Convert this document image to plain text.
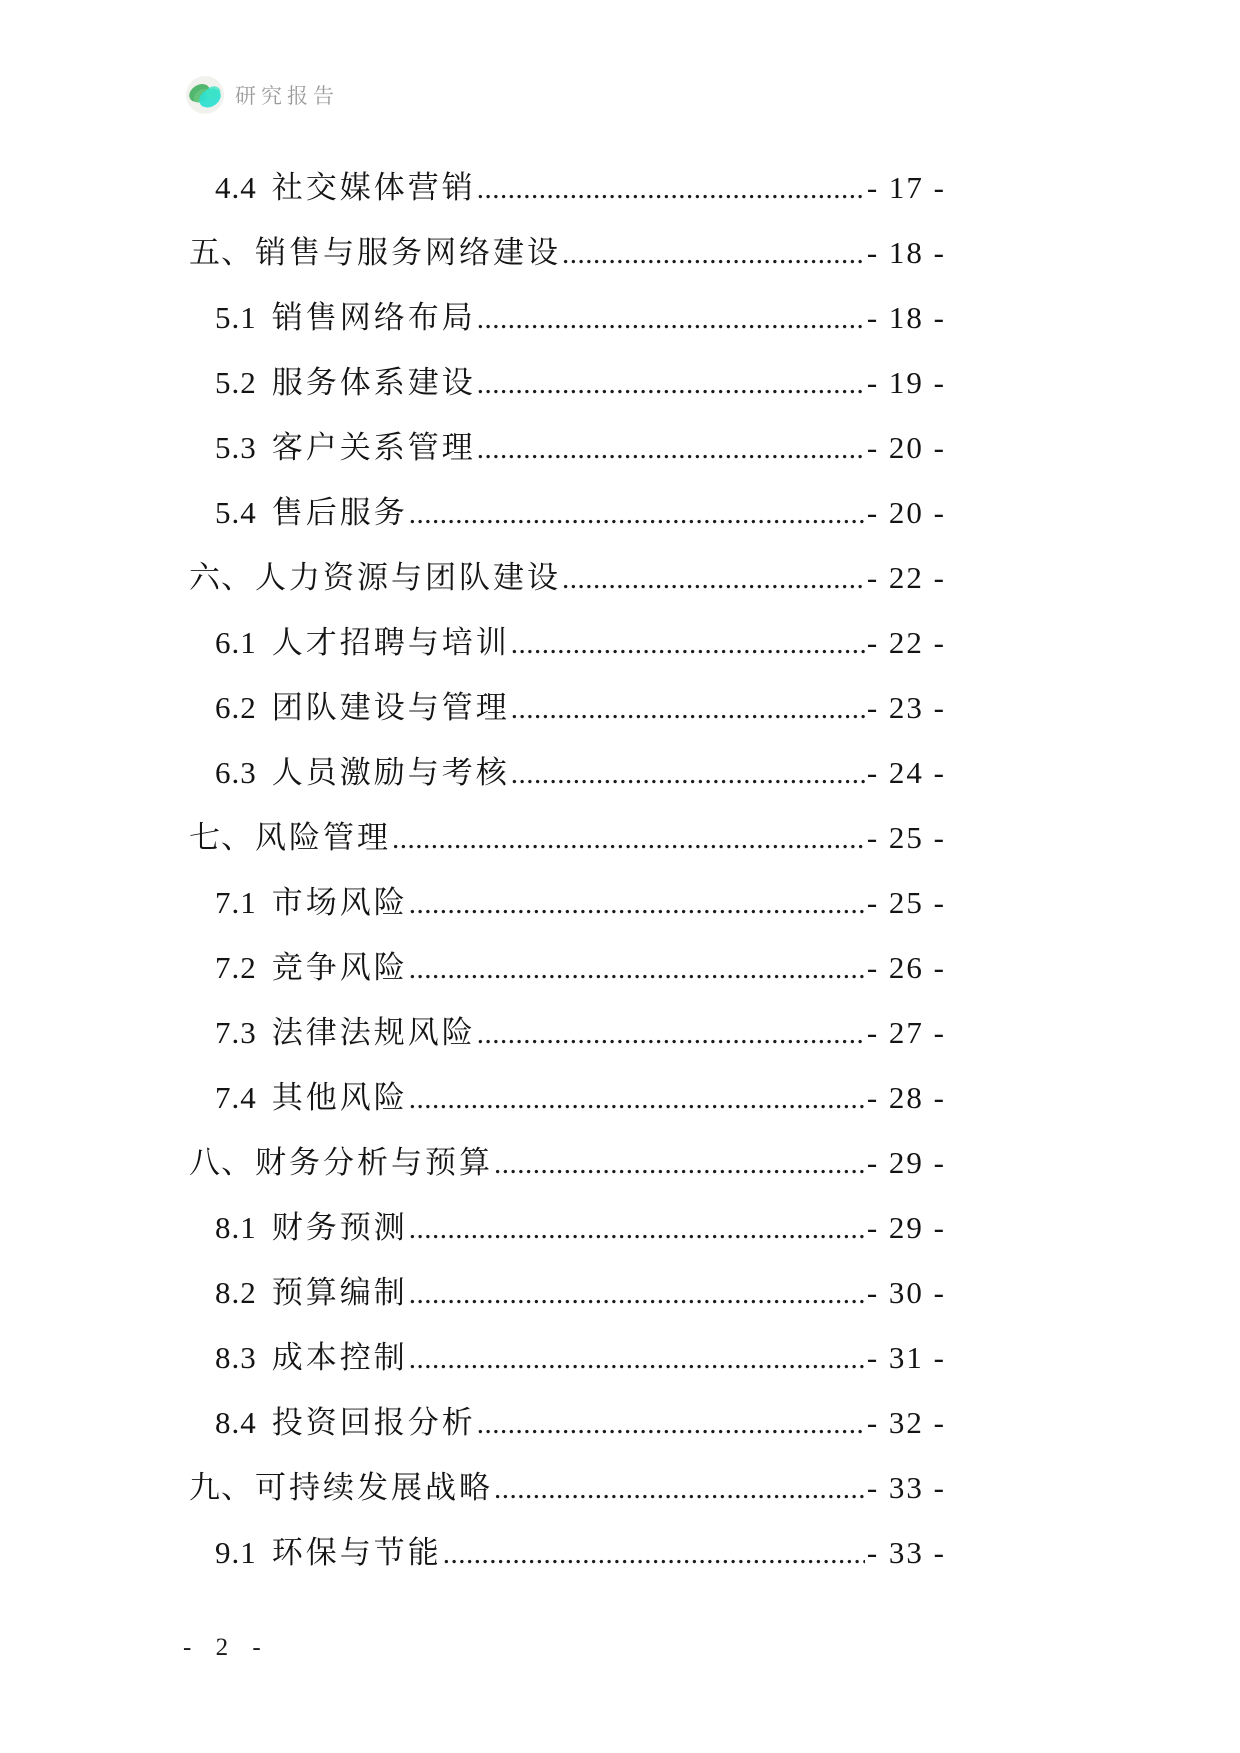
研究报告
4.4 社交媒体营销 .....	- 17 -
五、 销售与服务网络建设 .....	- 18 -
5.1 销售网络布局 .....	- 18 -
5.2 服务体系建设 .....	- 19 -
5.3 客户关系管理 .....	- 20 -
5.4 售后服务 .....	- 20 -
六、 人力资源与团队建设 .....	- 22 -
6.1 人才招聘与培训 .....	- 22 -
6.2 团队建设与管理 .....	- 23 -
6.3 人员激励与考核 .....	- 24 -
七、 风险管理 .....	- 25 -
7.1 市场风险 .....	- 25 -
7.2 竞争风险 .....	- 26 -
7.3 法律法规风险 .....	- 27 -
7.4 其他风险 .....	- 28 -
八、 财务分析与预算 .....	- 29 -
8.1 财务预测 .....	- 29 -
8.2 预算编制 .....	- 30 -
8.3 成本控制 .....	- 31 -
8.4 投资回报分析 .....	- 32 -
九、 可持续发展战略 .....	- 33 -
9.1 环保与节能 .....	- 33 -
- 2 -
